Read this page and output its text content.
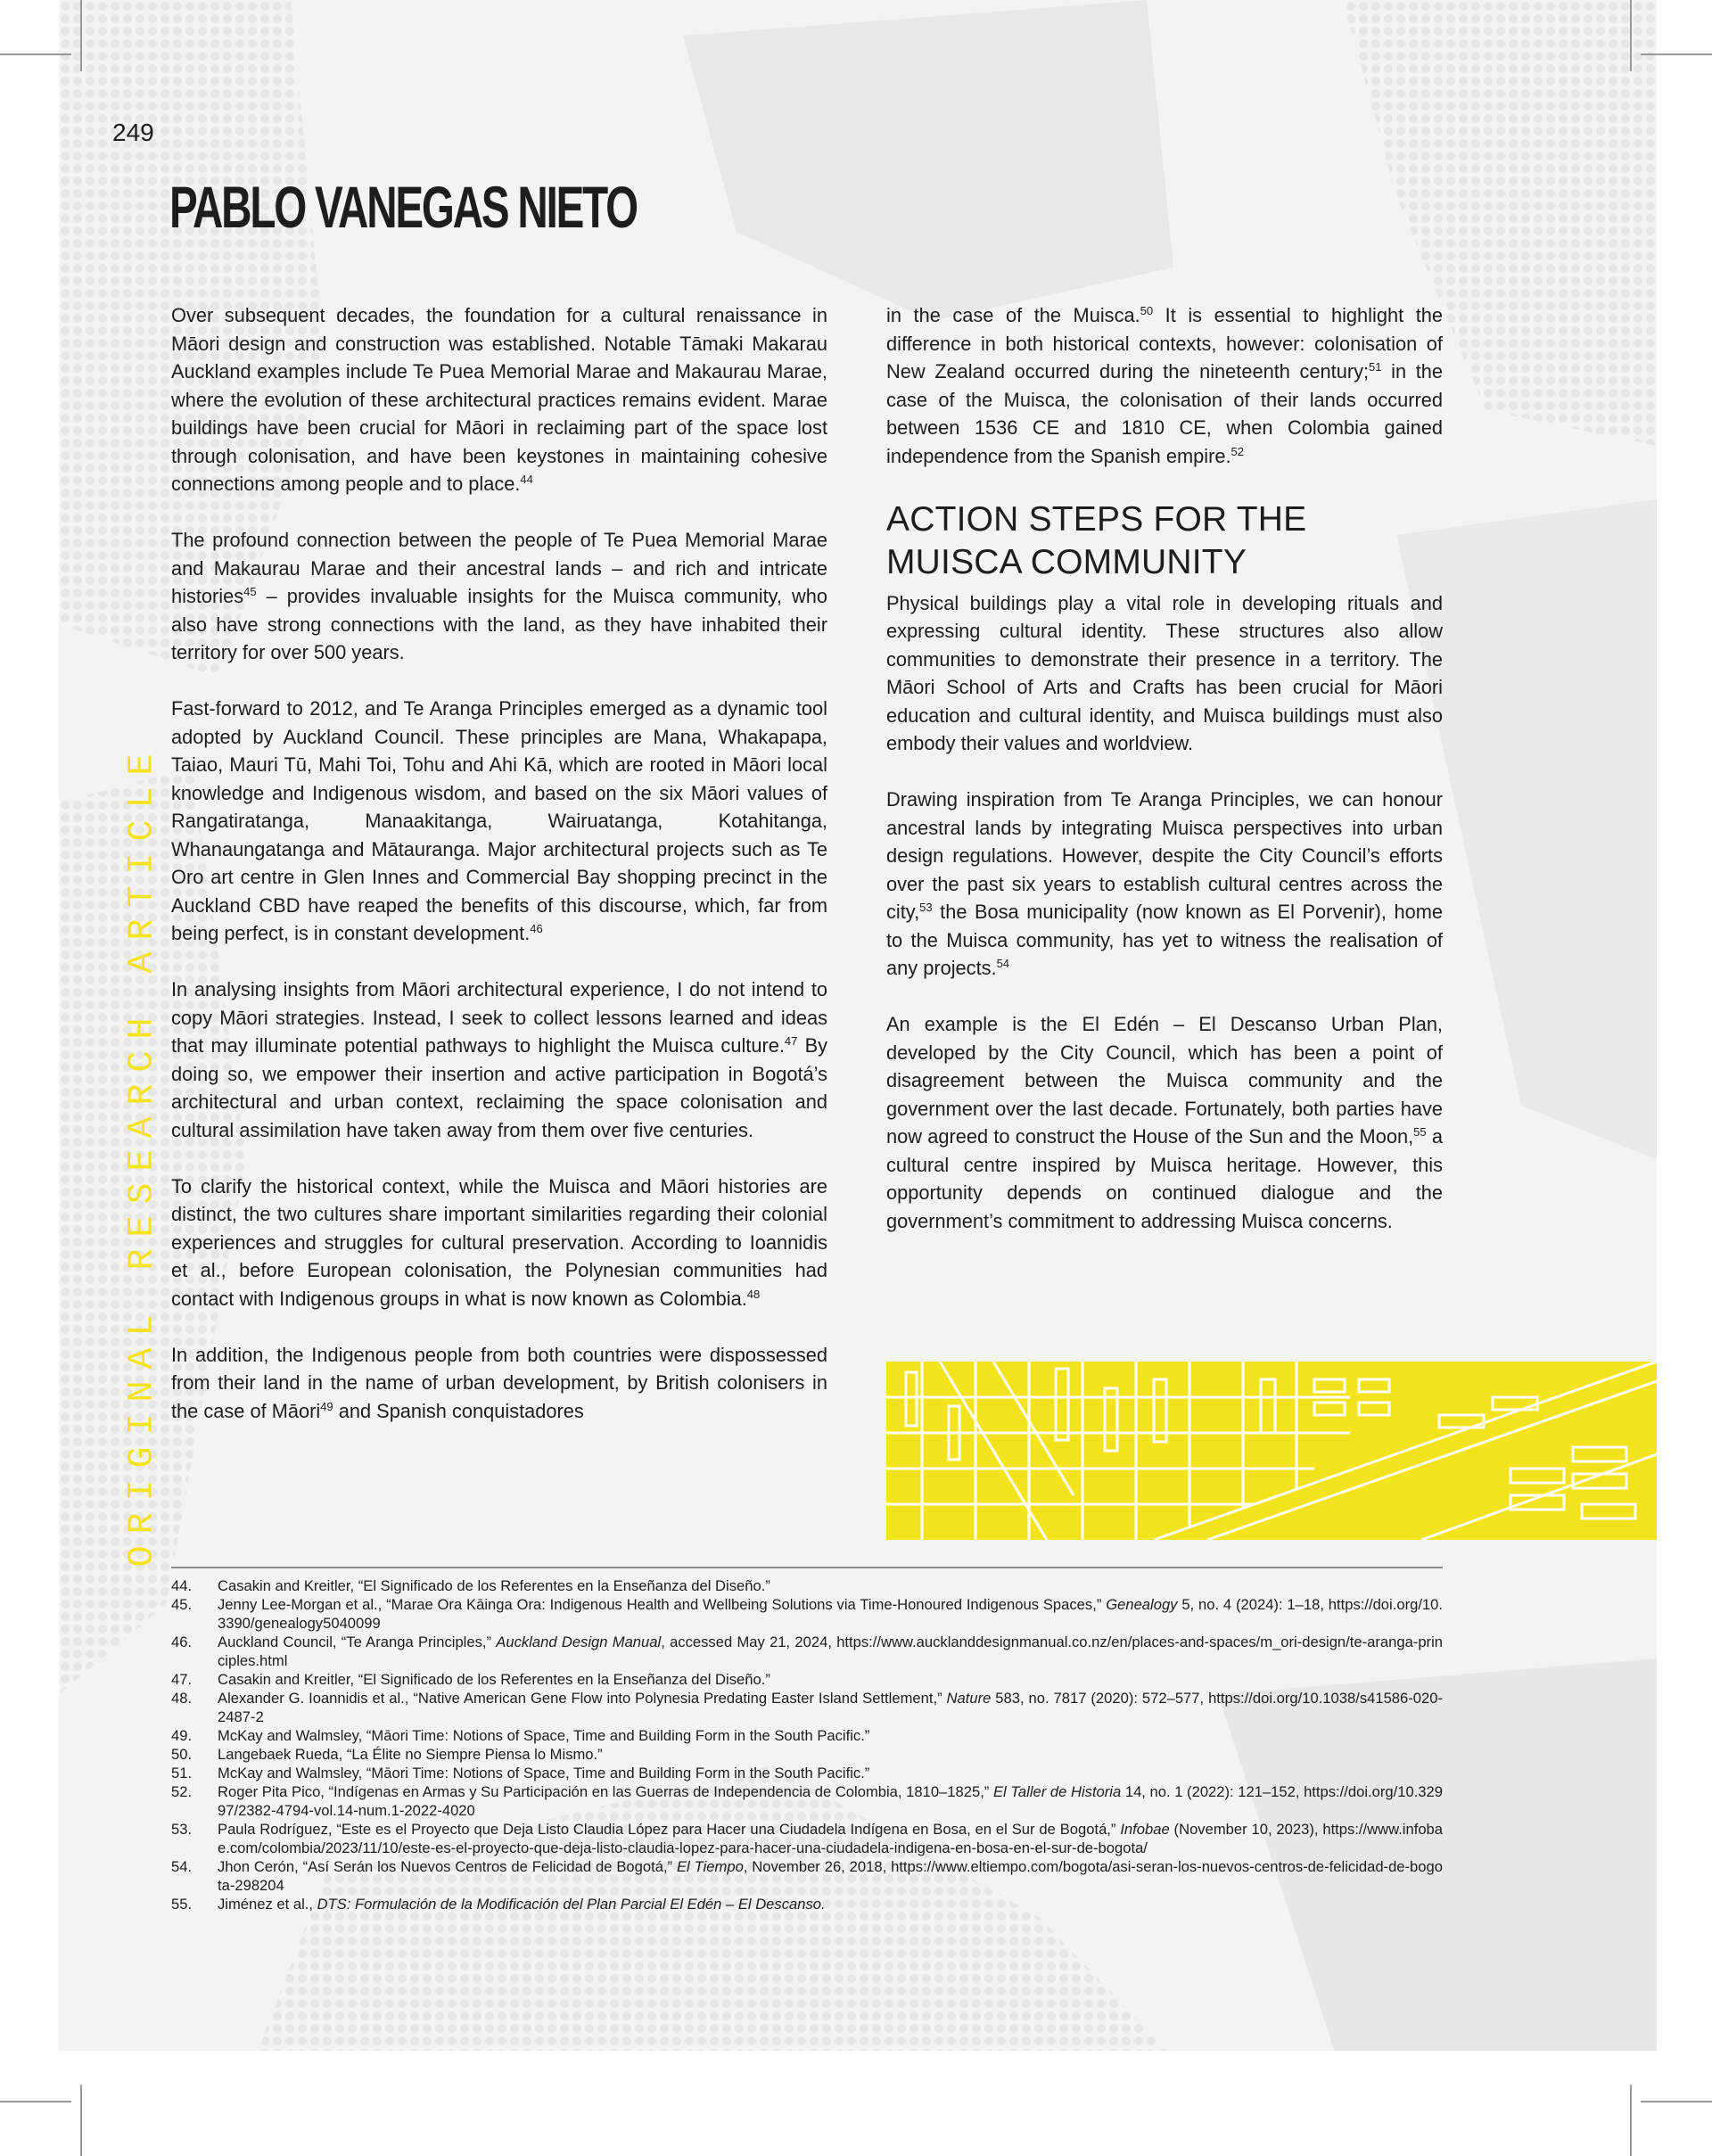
249
PABLO VANEGAS NIETO
ORIGINAL RESEARCH ARTICLE

Over subsequent decades, the foundation for a cultural renaissance in Māori design and construction was established. Notable Tāmaki Makarau Auckland examples include Te Puea Memorial Marae and Makaurau Marae, where the evolution of these architectural practices remains evident. Marae buildings have been crucial for Māori in reclaiming part of the space lost through colonisation, and have been keystones in maintaining cohesive connections among people and to place.$^{44}$

The profound connection between the people of Te Puea Memorial Marae and Makaurau Marae and their ancestral lands – and rich and intricate histories$^{45}$ – provides invaluable insights for the Muisca community, who also have strong connections with the land, as they have inhabited their territory for over 500 years.

Fast-forward to 2012, and Te Aranga Principles emerged as a dynamic tool adopted by Auckland Council. These principles are Mana, Whakapapa, Taiao, Mauri Tū, Mahi Toi, Tohu and Ahi Kā, which are rooted in Māori local knowledge and Indigenous wisdom, and based on the six Māori values of Rangatiratanga, Manaakitanga, Wairuatanga, Kotahitanga, Whanaungatanga and Mātauranga. Major architectural projects such as Te Oro art centre in Glen Innes and Commercial Bay shopping precinct in the Auckland CBD have reaped the benefits of this discourse, which, far from being perfect, is in constant development.$^{46}$

In analysing insights from Māori architectural experience, I do not intend to copy Māori strategies. Instead, I seek to collect lessons learned and ideas that may illuminate potential pathways to highlight the Muisca culture.$^{47}$ By doing so, we empower their insertion and active participation in Bogotá’s architectural and urban context, reclaiming the space colonisation and cultural assimilation have taken away from them over five centuries.

To clarify the historical context, while the Muisca and Māori histories are distinct, the two cultures share important similarities regarding their colonial experiences and struggles for cultural preservation. According to Ioannidis et al., before European colonisation, the Polynesian communities had contact with Indigenous groups in what is now known as Colombia.$^{48}$

In addition, the Indigenous people from both countries were dispossessed from their land in the name of urban development, by British colonisers in the case of Māori$^{49}$ and Spanish conquistadores

in the case of the Muisca.$^{50}$ It is essential to highlight the difference in both historical contexts, however: colonisation of New Zealand occurred during the nineteenth century;$^{51}$ in the case of the Muisca, the colonisation of their lands occurred between 1536 CE and 1810 CE, when Colombia gained independence from the Spanish empire.$^{52}$

ACTION STEPS FOR THE MUISCA COMMUNITY

Physical buildings play a vital role in developing rituals and expressing cultural identity. These structures also allow communities to demonstrate their presence in a territory. The Māori School of Arts and Crafts has been crucial for Māori education and cultural identity, and Muisca buildings must also embody their values and worldview.

Drawing inspiration from Te Aranga Principles, we can honour ancestral lands by integrating Muisca perspectives into urban design regulations. However, despite the City Council’s efforts over the past six years to establish cultural centres across the city,$^{53}$ the Bosa municipality (now known as El Porvenir), home to the Muisca community, has yet to witness the realisation of any projects.$^{54}$

An example is the El Edén – El Descanso Urban Plan, developed by the City Council, which has been a point of disagreement between the Muisca community and the government over the last decade. Fortunately, both parties have now agreed to construct the House of the Sun and the Moon,$^{55}$ a cultural centre inspired by Muisca heritage. However, this opportunity depends on continued dialogue and the government’s commitment to addressing Muisca concerns.

44.	Casakin and Kreitler, “El Significado de los Referentes en la Enseñanza del Diseño.”
45.	Jenny Lee-Morgan et al., “Marae Ora Kāinga Ora: Indigenous Health and Wellbeing Solutions via Time-Honoured Indigenous Spaces,” Genealogy 5, no. 4 (2024): 1–18, https://doi.org/10.3390/genealogy5040099
46.	Auckland Council, “Te Aranga Principles,” Auckland Design Manual, accessed May 21, 2024, https://www.aucklanddesignmanual.co.nz/en/places-and-spaces/m_ori-design/te-aranga-principles.html
47.	Casakin and Kreitler, “El Significado de los Referentes en la Enseñanza del Diseño.”
48.	Alexander G. Ioannidis et al., “Native American Gene Flow into Polynesia Predating Easter Island Settlement,” Nature 583, no. 7817 (2020): 572–577, https://doi.org/10.1038/s41586-020-2487-2
49.	McKay and Walmsley, “Māori Time: Notions of Space, Time and Building Form in the South Pacific.”
50.	Langebaek Rueda, “La Élite no Siempre Piensa lo Mismo.”
51.	McKay and Walmsley, “Māori Time: Notions of Space, Time and Building Form in the South Pacific.”
52.	Roger Pita Pico, “Indígenas en Armas y Su Participación en las Guerras de Independencia de Colombia, 1810–1825,” El Taller de Historia 14, no. 1 (2022): 121–152, https://doi.org/10.32997/2382-4794-vol.14-num.1-2022-4020
53.	Paula Rodríguez, “Este es el Proyecto que Deja Listo Claudia López para Hacer una Ciudadela Indígena en Bosa, en el Sur de Bogotá,” Infobae (November 10, 2023), https://www.infobae.com/colombia/2023/11/10/este-es-el-proyecto-que-deja-listo-claudia-lopez-para-hacer-una-ciudadela-indigena-en-bosa-en-el-sur-de-bogota/
54.	Jhon Cerón, “Así Serán los Nuevos Centros de Felicidad de Bogotá,” El Tiempo, November 26, 2018, https://www.eltiempo.com/bogota/asi-seran-los-nuevos-centros-de-felicidad-de-bogota-298204
55.	Jiménez et al., DTS: Formulación de la Modificación del Plan Parcial El Edén – El Descanso.
